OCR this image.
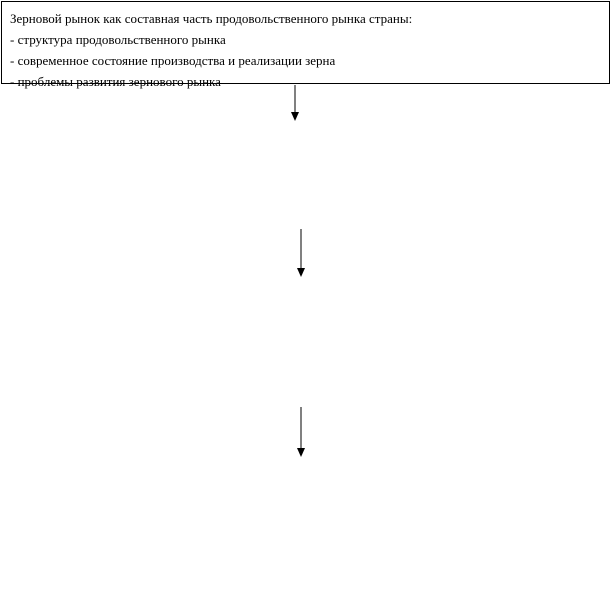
Зерновой рынок как составная часть продовольственного рынка страны:
- структура продовольственного рынка
- современное состояние производства и реализации зерна
- проблемы развития зернового рынка
